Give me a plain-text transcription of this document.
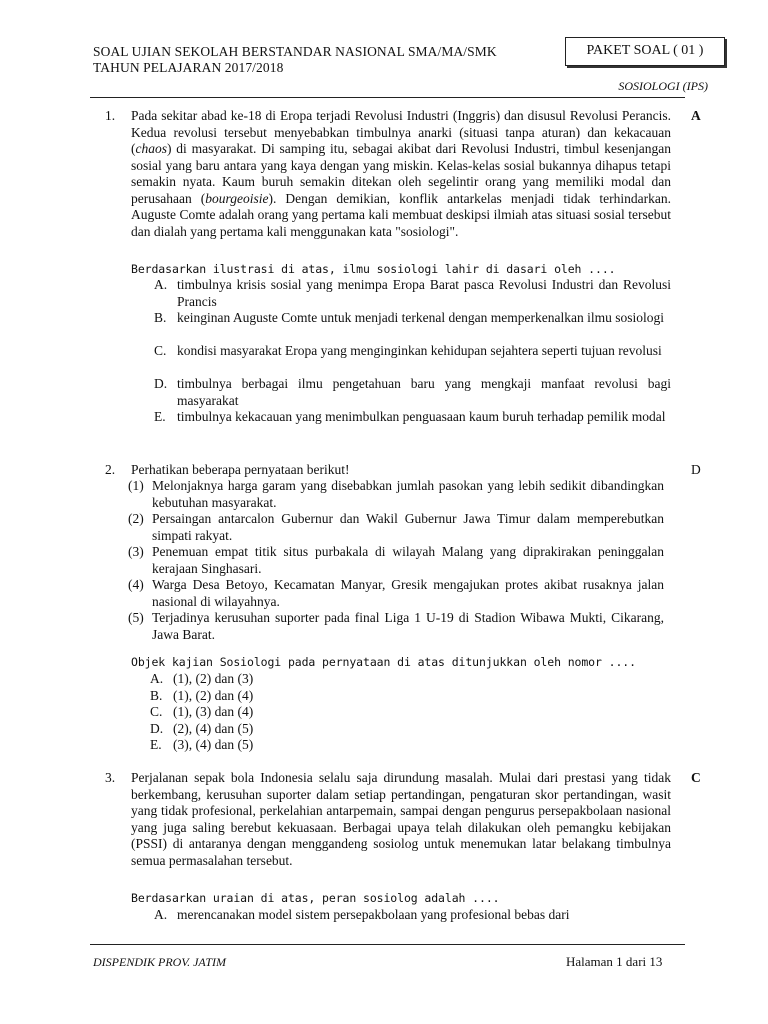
SOAL UJIAN SEKOLAH BERSTANDAR NASIONAL SMA/MA/SMK
TAHUN PELAJARAN 2017/2018
PAKET SOAL ( 01 )
SOSIOLOGI (IPS)
1.	A
Pada sekitar abad ke-18 di Eropa terjadi Revolusi Industri (Inggris) dan disusul Revolusi Perancis. Kedua revolusi tersebut menyebabkan timbulnya anarki (situasi tanpa aturan) dan kekacauan (chaos) di masyarakat. Di samping itu, sebagai akibat dari Revolusi Industri, timbul kesenjangan sosial yang baru antara yang kaya dengan yang miskin. Kelas-kelas sosial bukannya dihapus tetapi semakin nyata. Kaum buruh semakin ditekan oleh segelintir orang yang memiliki modal dan perusahaan (bourgeoisie). Dengan demikian, konflik antarkelas menjadi tidak terhindarkan. Auguste Comte adalah orang yang pertama kali membuat deskipsi ilmiah atas situasi sosial tersebut dan dialah yang pertama kali menggunakan kata "sosiologi".
Berdasarkan ilustrasi di atas, ilmu sosiologi lahir di dasari oleh ....
A. timbulnya krisis sosial yang menimpa Eropa Barat pasca Revolusi Industri dan Revolusi Prancis
B. keinginan Auguste Comte untuk menjadi terkenal dengan memperkenalkan ilmu sosiologi
C. kondisi masyarakat Eropa yang menginginkan kehidupan sejahtera seperti tujuan revolusi
D. timbulnya berbagai ilmu pengetahuan baru yang mengkaji manfaat revolusi bagi masyarakat
E. timbulnya kekacauan yang menimbulkan penguasaan kaum buruh terhadap pemilik modal
2.	D
Perhatikan beberapa pernyataan berikut!
(1) Melonjaknya harga garam yang disebabkan jumlah pasokan yang lebih sedikit dibandingkan kebutuhan masyarakat.
(2) Persaingan antarcalon Gubernur dan Wakil Gubernur Jawa Timur dalam memperebutkan simpati rakyat.
(3) Penemuan empat titik situs purbakala di wilayah Malang yang diprakirakan peninggalan kerajaan Singhasari.
(4) Warga Desa Betoyo, Kecamatan Manyar, Gresik mengajukan protes akibat rusaknya jalan nasional di wilayahnya.
(5) Terjadinya kerusuhan suporter pada final Liga 1 U-19 di Stadion Wibawa Mukti, Cikarang, Jawa Barat.
Objek kajian Sosiologi pada pernyataan di atas ditunjukkan oleh nomor ....
A. (1), (2) dan (3)
B. (1), (2) dan (4)
C. (1), (3) dan (4)
D. (2), (4) dan (5)
E. (3), (4) dan (5)
3.	C
Perjalanan sepak bola Indonesia selalu saja dirundung masalah. Mulai dari prestasi yang tidak berkembang, kerusuhan suporter dalam setiap pertandingan, pengaturan skor pertandingan, wasit yang tidak profesional, perkelahian antarpemain, sampai dengan pengurus persepakbolaan nasional yang juga saling berebut kekuasaan. Berbagai upaya telah dilakukan oleh pemangku kebijakan (PSSI) di antaranya dengan menggandeng sosiolog untuk menemukan latar belakang timbulnya semua permasalahan tersebut.
Berdasarkan uraian di atas, peran sosiolog adalah ....
A. merencanakan model sistem persepakbolaan yang profesional bebas dari
DISPENDIK PROV. JATIM	Halaman 1 dari 13
